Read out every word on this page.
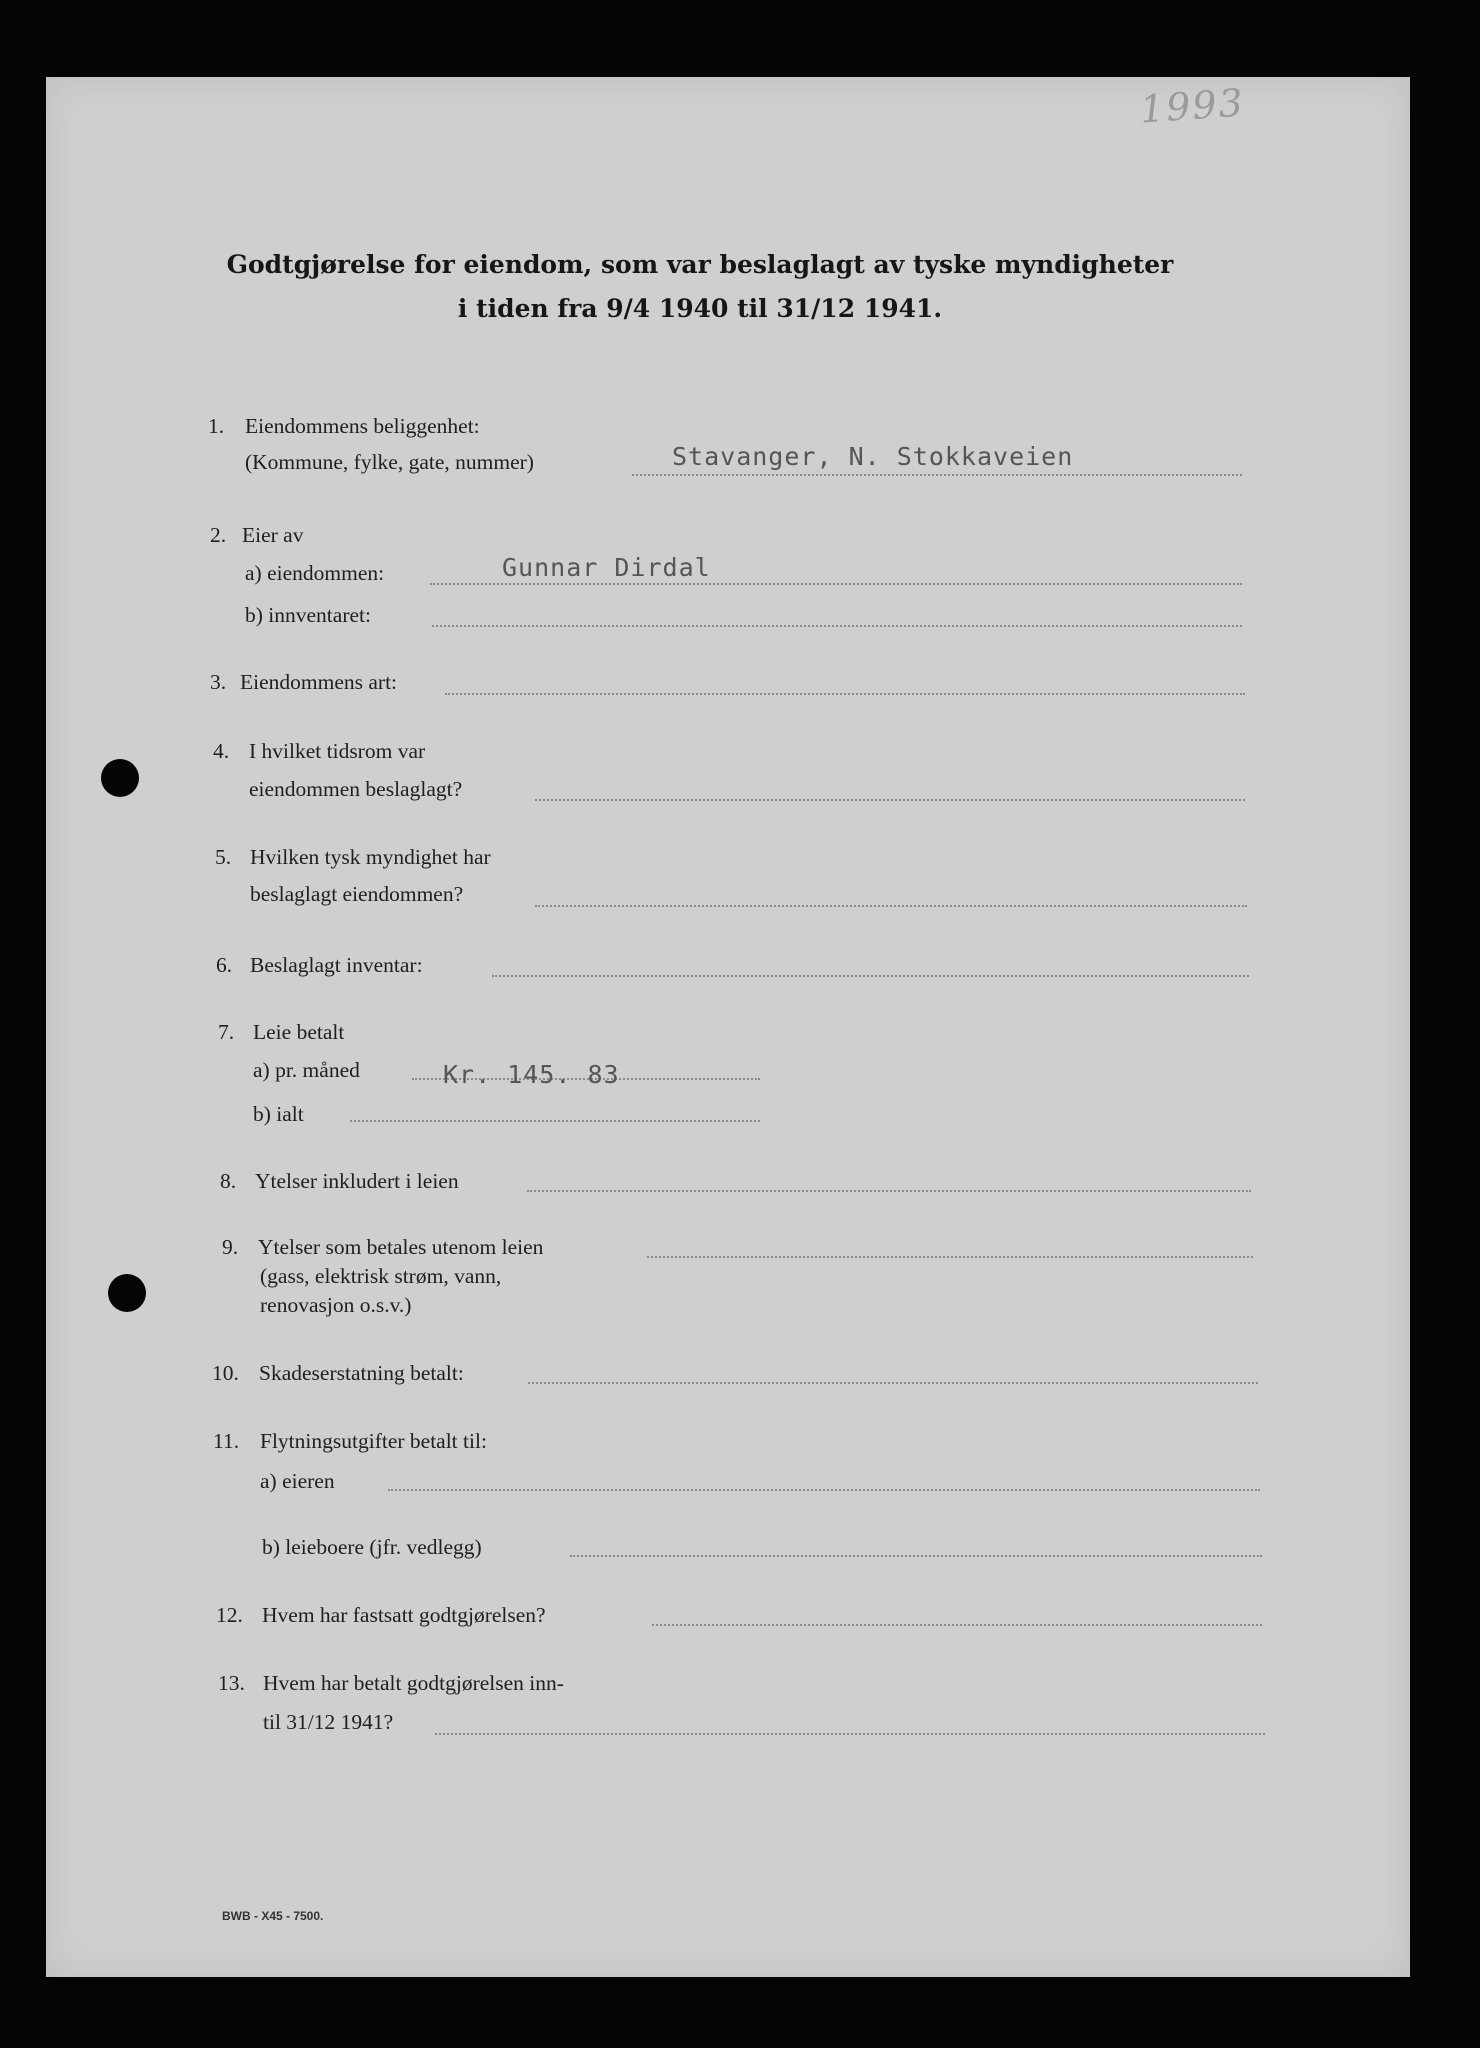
1993
Godtgjørelse for eiendom, som var beslaglagt av tyske myndigheter
i tiden fra 9/4 1940 til 31/12 1941.
1. Eiendommens beliggenhet:
(Kommune, fylke, gate, nummer)	Stavanger, N. Stokkaveien
2. Eier av
a) eiendommen:	Gunnar Dirdal
b) innventaret:
3. Eiendommens art:
4. I hvilket tidsrom var
eiendommen beslaglagt?
5. Hvilken tysk myndighet har
beslaglagt eiendommen?
6. Beslaglagt inventar:
7. Leie betalt
a) pr. måned	Kr. 145. 83
b) ialt
8. Ytelser inkludert i leien
9. Ytelser som betales utenom leien
(gass, elektrisk strøm, vann,
renovasjon o.s.v.)
10. Skadeserstatning betalt:
11. Flytningsutgifter betalt til:
a) eieren
b) leieboere (jfr. vedlegg)
12. Hvem har fastsatt godtgjørelsen?
13. Hvem har betalt godtgjørelsen inn-
til 31/12 1941?
BWB - X45 - 7500.
